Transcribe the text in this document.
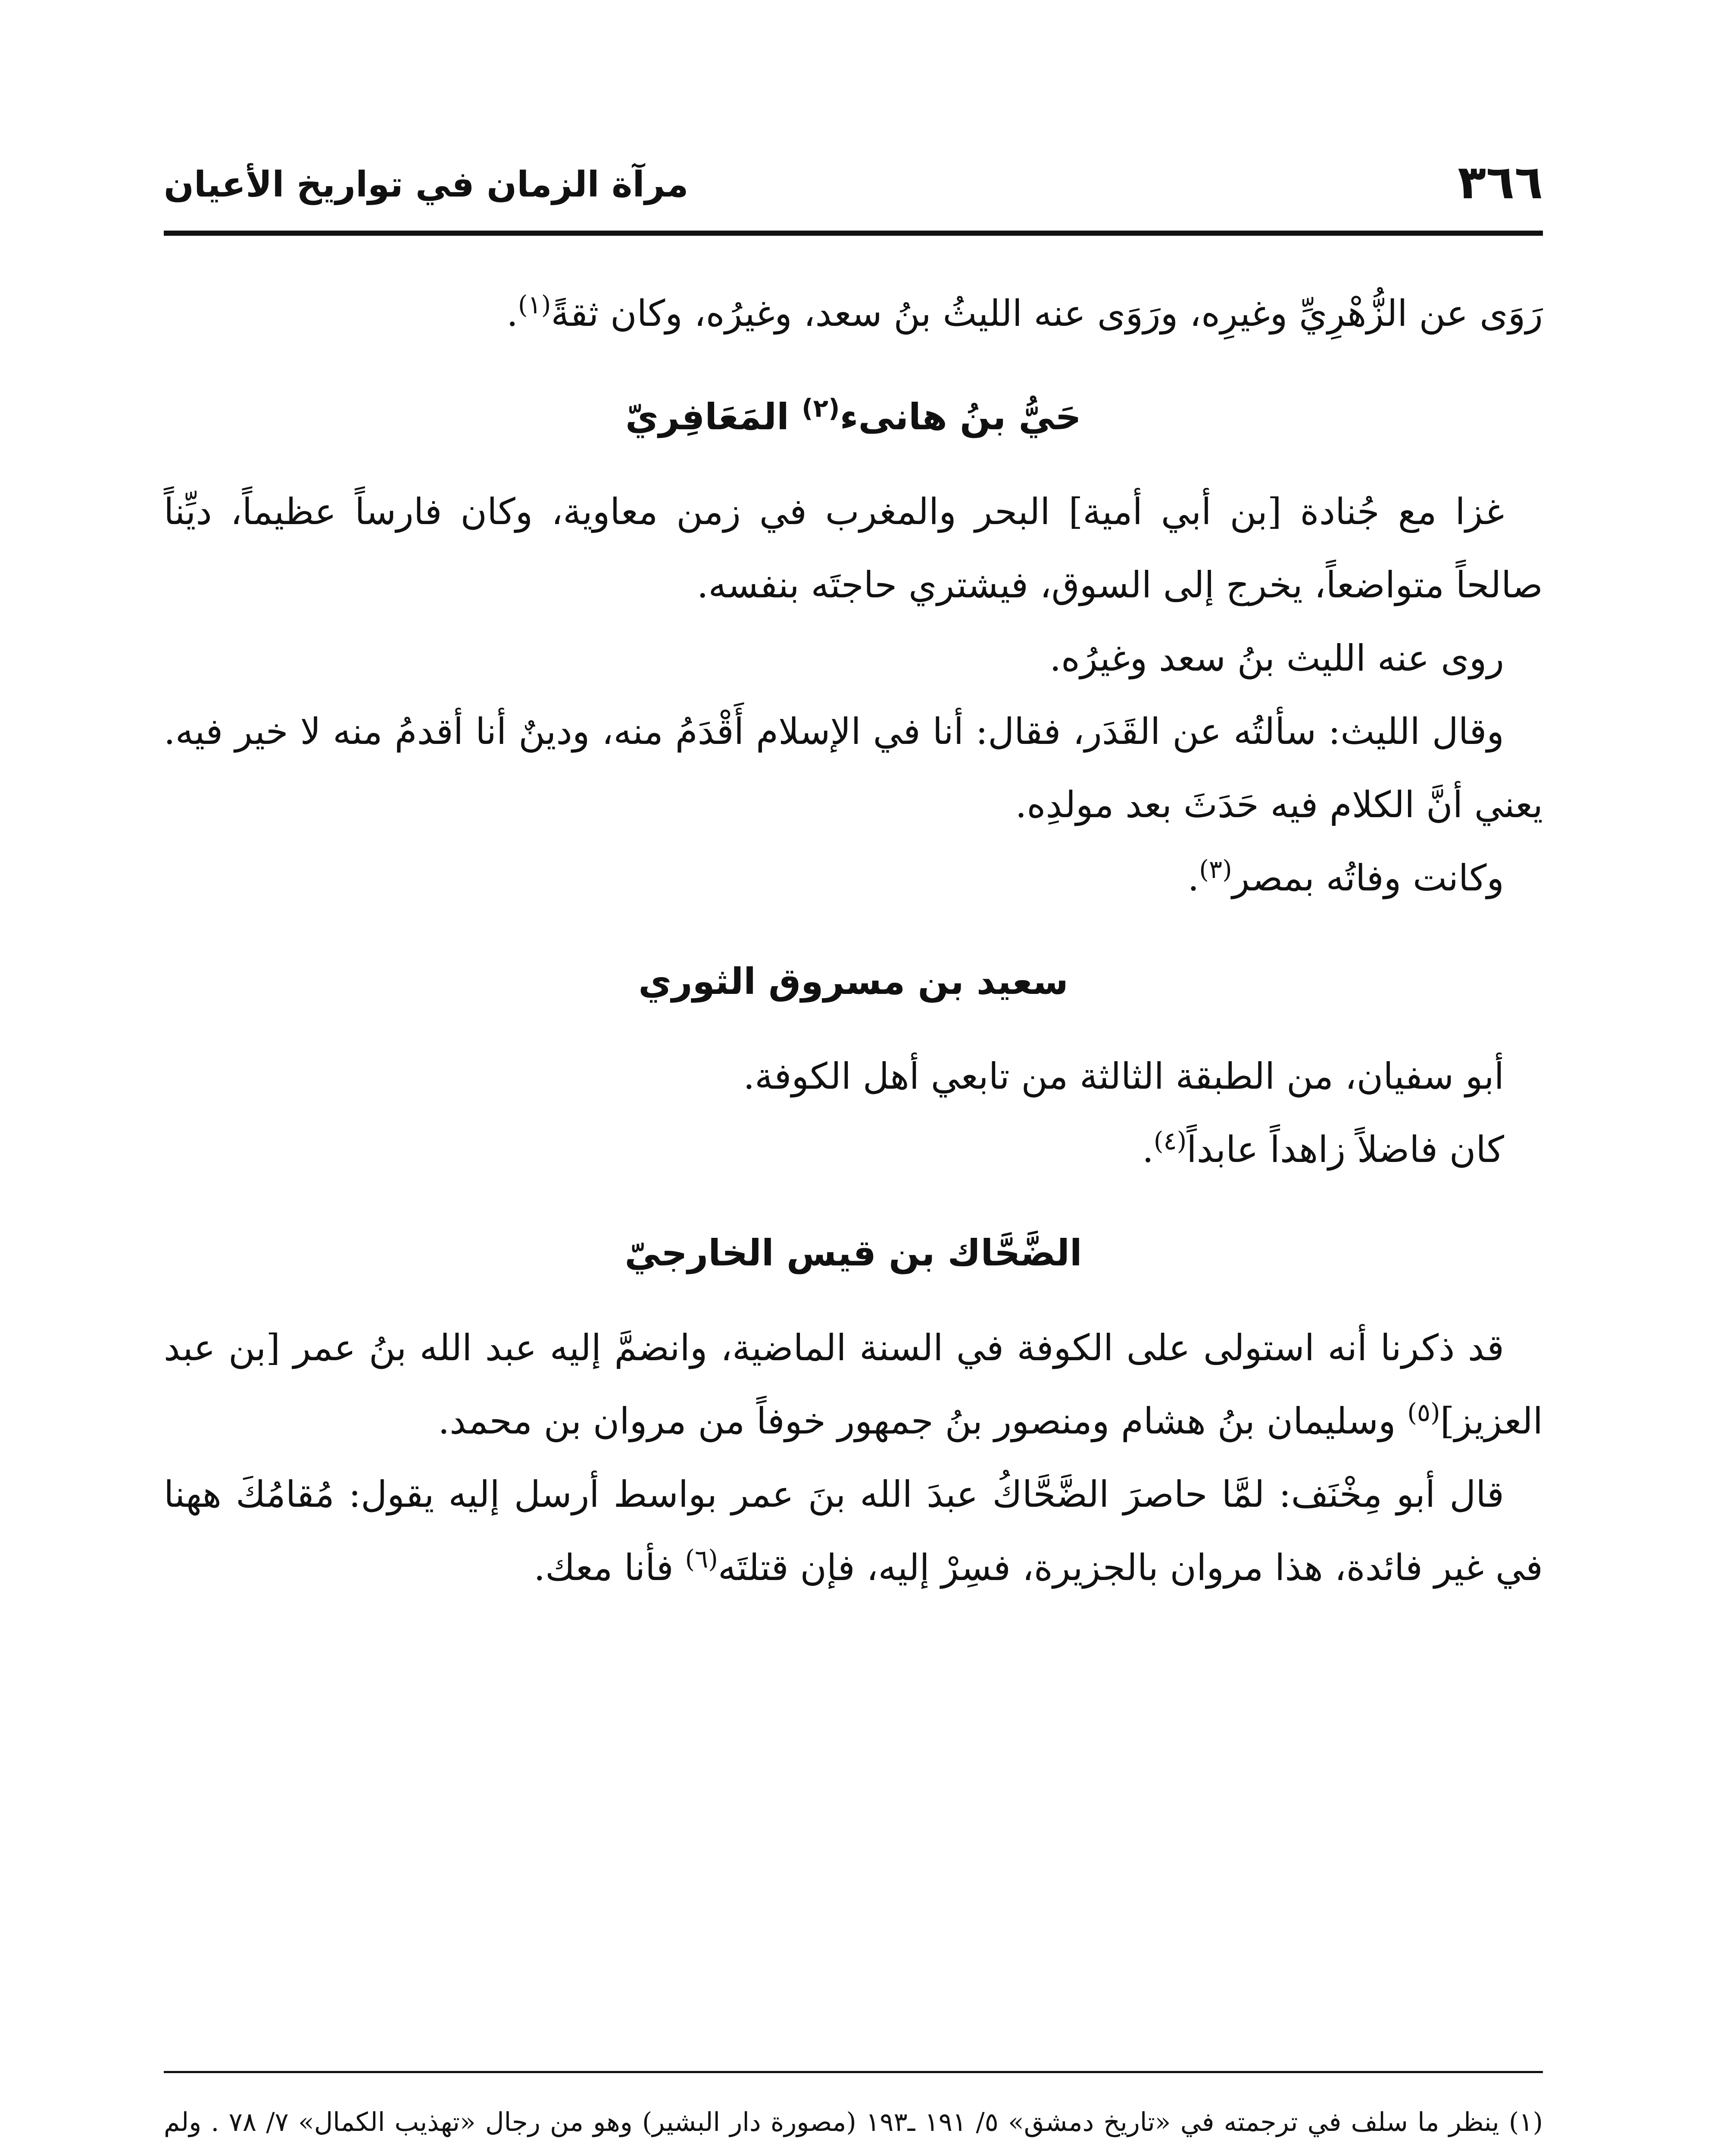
٣٦٦
مرآة الزمان في تواريخ الأعيان

رَوَى عن الزُّهْرِيِّ وغيرِه، ورَوَى عنه الليثُ بنُ سعد، وغيرُه، وكان ثقةً$^{(١)}$.

حَيُّ بنُ هانىء$^{(٢)}$ المَعَافِريّ

غزا مع جُنادة [بن أبي أمية] البحر والمغرب في زمن معاوية، وكان فارساً عظيماً، ديِّناً صالحاً متواضعاً، يخرج إلى السوق، فيشتري حاجتَه بنفسه.

روى عنه الليث بنُ سعد وغيرُه.

وقال الليث: سألتُه عن القَدَر، فقال: أنا في الإسلام أَقْدَمُ منه، ودينٌ أنا أقدمُ منه لا خير فيه. يعني أنَّ الكلام فيه حَدَثَ بعد مولدِه.

وكانت وفاتُه بمصر$^{(٣)}$.

سعيد بن مسروق الثوري

أبو سفيان، من الطبقة الثالثة من تابعي أهل الكوفة.

كان فاضلاً زاهداً عابداً$^{(٤)}$.

الضَّحَّاك بن قيس الخارجيّ

قد ذكرنا أنه استولى على الكوفة في السنة الماضية، وانضمَّ إليه عبد الله بنُ عمر [بن عبد العزيز]$^{(٥)}$ وسليمان بنُ هشام ومنصور بنُ جمهور خوفاً من مروان بن محمد.

قال أبو مِخْنَف: لمَّا حاصرَ الضَّحَّاكُ عبدَ الله بنَ عمر بواسط أرسل إليه يقول: مُقامُكَ ههنا في غير فائدة، هذا مروان بالجزيرة، فسِرْ إليه، فإن قتلتَه$^{(٦)}$ فأنا معك.

(١) ينظر ما سلف في ترجمته في «تاريخ دمشق» ٥/ ١٩١ ـ١٩٣ (مصورة دار البشير) وهو من رجال «تهذيب الكمال» ٧/ ٧٨ . ولم
